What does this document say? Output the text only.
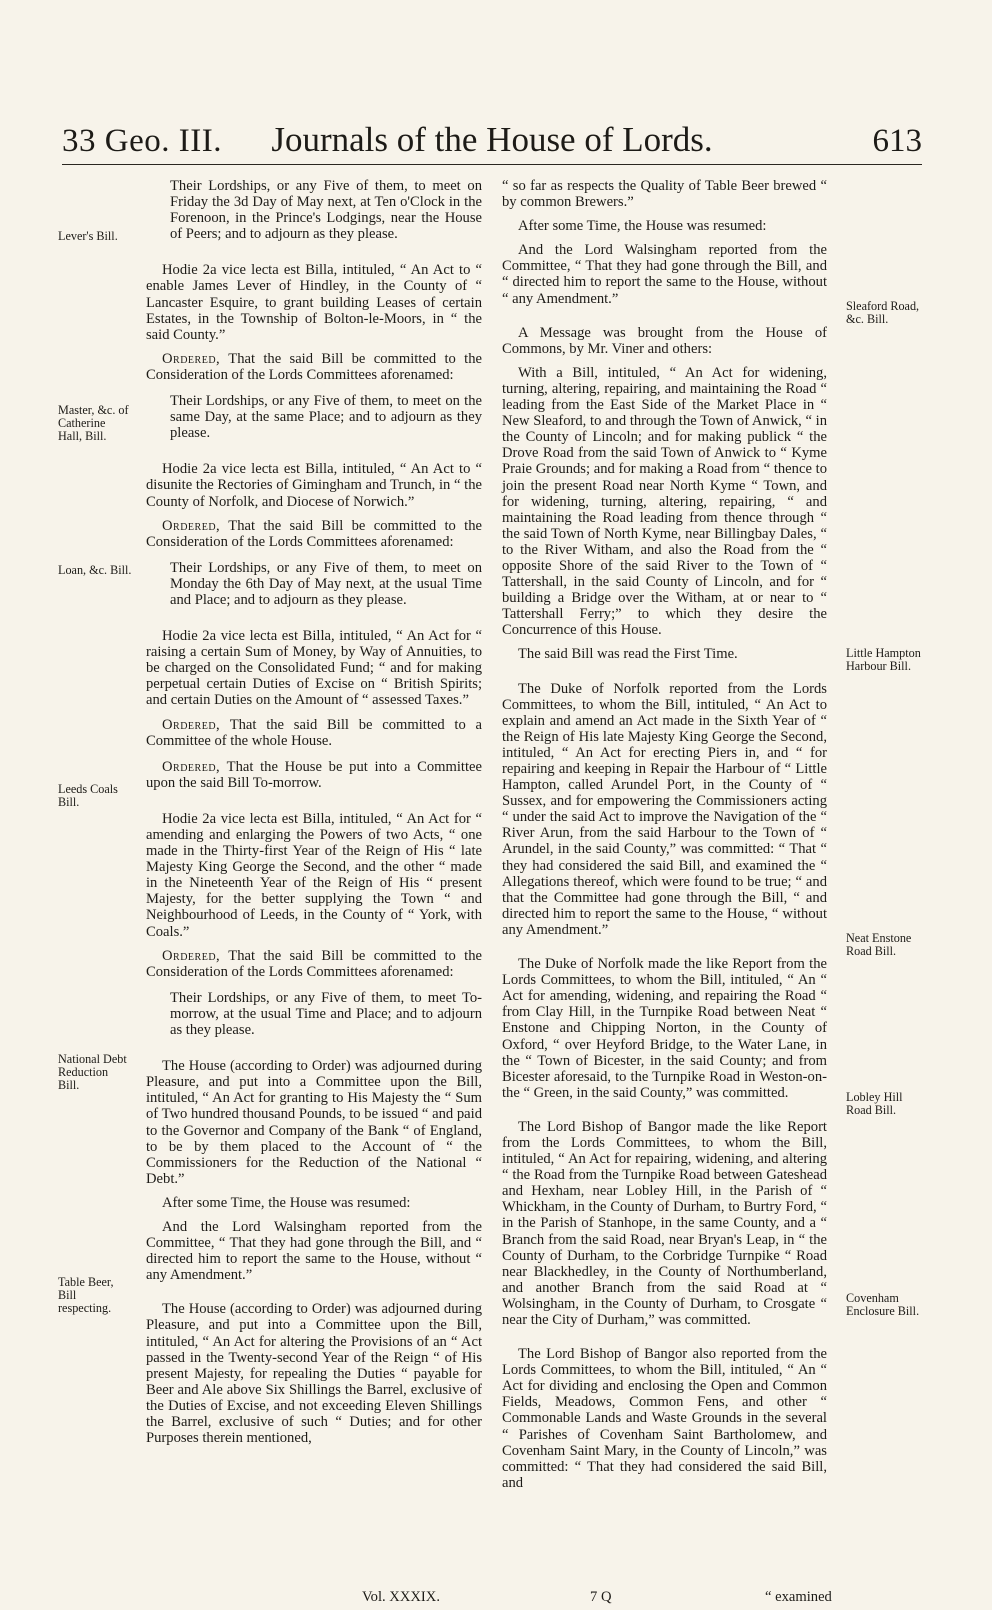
33 Geo. III.	Journals of the House of Lords.	613
Lever's Bill.
Master, &c. of Catherine Hall, Bill.
Loan, &c. Bill.
Leeds Coals Bill.
National Debt Reduction Bill.
Table Beer, Bill respecting.
Sleaford Road, &c. Bill.
Little Hampton Harbour Bill.
Neat Enstone Road Bill.
Lobley Hill Road Bill.
Covenham Enclosure Bill.

Their Lordships, or any Five of them, to meet on Friday the 3d Day of May next, at Ten o'Clock in the Forenoon, in the Prince's Lodgings, near the House of Peers; and to adjourn as they please.

Hodie 2a vice lecta est Billa, intituled, “ An Act to “ enable James Lever of Hindley, in the County of “ Lancaster Esquire, to grant building Leases of certain Estates, in the Township of Bolton-le-Moors, in “ the said County.”

Ordered, That the said Bill be committed to the Consideration of the Lords Committees aforenamed:

Their Lordships, or any Five of them, to meet on the same Day, at the same Place; and to adjourn as they please.

Hodie 2a vice lecta est Billa, intituled, “ An Act to “ disunite the Rectories of Gimingham and Trunch, in “ the County of Norfolk, and Diocese of Norwich.”

Ordered, That the said Bill be committed to the Consideration of the Lords Committees aforenamed:

Their Lordships, or any Five of them, to meet on Monday the 6th Day of May next, at the usual Time and Place; and to adjourn as they please.

Hodie 2a vice lecta est Billa, intituled, “ An Act for “ raising a certain Sum of Money, by Way of Annuities, to be charged on the Consolidated Fund; “ and for making perpetual certain Duties of Excise on “ British Spirits; and certain Duties on the Amount of “ assessed Taxes.”

Ordered, That the said Bill be committed to a Committee of the whole House.

Ordered, That the House be put into a Committee upon the said Bill To-morrow.

Hodie 2a vice lecta est Billa, intituled, “ An Act for “ amending and enlarging the Powers of two Acts, “ one made in the Thirty-first Year of the Reign of His “ late Majesty King George the Second, and the other “ made in the Nineteenth Year of the Reign of His “ present Majesty, for the better supplying the Town “ and Neighbourhood of Leeds, in the County of “ York, with Coals.”

Ordered, That the said Bill be committed to the Consideration of the Lords Committees aforenamed:

Their Lordships, or any Five of them, to meet To-morrow, at the usual Time and Place; and to adjourn as they please.

The House (according to Order) was adjourned during Pleasure, and put into a Committee upon the Bill, intituled, “ An Act for granting to His Majesty the “ Sum of Two hundred thousand Pounds, to be issued “ and paid to the Governor and Company of the Bank “ of England, to be by them placed to the Account of “ the Commissioners for the Reduction of the National “ Debt.”

After some Time, the House was resumed:

And the Lord Walsingham reported from the Committee, “ That they had gone through the Bill, and “ directed him to report the same to the House, without “ any Amendment.”

The House (according to Order) was adjourned during Pleasure, and put into a Committee upon the Bill, intituled, “ An Act for altering the Provisions of an “ Act passed in the Twenty-second Year of the Reign “ of His present Majesty, for repealing the Duties “ payable for Beer and Ale above Six Shillings the Barrel, exclusive of the Duties of Excise, and not exceeding Eleven Shillings the Barrel, exclusive of such “ Duties; and for other Purposes therein mentioned,

“ so far as respects the Quality of Table Beer brewed “ by common Brewers.”

After some Time, the House was resumed:

And the Lord Walsingham reported from the Committee, “ That they had gone through the Bill, and “ directed him to report the same to the House, without “ any Amendment.”

A Message was brought from the House of Commons, by Mr. Viner and others:

With a Bill, intituled, “ An Act for widening, turning, altering, repairing, and maintaining the Road “ leading from the East Side of the Market Place in “ New Sleaford, to and through the Town of Anwick, “ in the County of Lincoln; and for making publick “ the Drove Road from the said Town of Anwick to “ Kyme Praie Grounds; and for making a Road from “ thence to join the present Road near North Kyme “ Town, and for widening, turning, altering, repairing, “ and maintaining the Road leading from thence through “ the said Town of North Kyme, near Billingbay Dales, “ to the River Witham, and also the Road from the “ opposite Shore of the said River to the Town of “ Tattershall, in the said County of Lincoln, and for “ building a Bridge over the Witham, at or near to “ Tattershall Ferry;” to which they desire the Concurrence of this House.

The said Bill was read the First Time.

The Duke of Norfolk reported from the Lords Committees, to whom the Bill, intituled, “ An Act to explain and amend an Act made in the Sixth Year of “ the Reign of His late Majesty King George the Second, intituled, “ An Act for erecting Piers in, and “ for repairing and keeping in Repair the Harbour of “ Little Hampton, called Arundel Port, in the County of “ Sussex, and for empowering the Commissioners acting “ under the said Act to improve the Navigation of the “ River Arun, from the said Harbour to the Town of “ Arundel, in the said County,” was committed: “ That “ they had considered the said Bill, and examined the “ Allegations thereof, which were found to be true; “ and that the Committee had gone through the Bill, “ and directed him to report the same to the House, “ without any Amendment.”

The Duke of Norfolk made the like Report from the Lords Committees, to whom the Bill, intituled, “ An “ Act for amending, widening, and repairing the Road “ from Clay Hill, in the Turnpike Road between Neat “ Enstone and Chipping Norton, in the County of Oxford, “ over Heyford Bridge, to the Water Lane, in the “ Town of Bicester, in the said County; and from Bicester aforesaid, to the Turnpike Road in Weston-on-the “ Green, in the said County,” was committed.

The Lord Bishop of Bangor made the like Report from the Lords Committees, to whom the Bill, intituled, “ An Act for repairing, widening, and altering “ the Road from the Turnpike Road between Gateshead and Hexham, near Lobley Hill, in the Parish of “ Whickham, in the County of Durham, to Burtry Ford, “ in the Parish of Stanhope, in the same County, and a “ Branch from the said Road, near Bryan's Leap, in “ the County of Durham, to the Corbridge Turnpike “ Road near Blackhedley, in the County of Northumberland, and another Branch from the said Road at “ Wolsingham, in the County of Durham, to Crosgate “ near the City of Durham,” was committed.

The Lord Bishop of Bangor also reported from the Lords Committees, to whom the Bill, intituled, “ An “ Act for dividing and enclosing the Open and Common Fields, Meadows, Common Fens, and other “ Commonable Lands and Waste Grounds in the several “ Parishes of Covenham Saint Bartholomew, and Covenham Saint Mary, in the County of Lincoln,” was committed: “ That they had considered the said Bill, and

Vol. XXXIX.	7 Q	“ examined
